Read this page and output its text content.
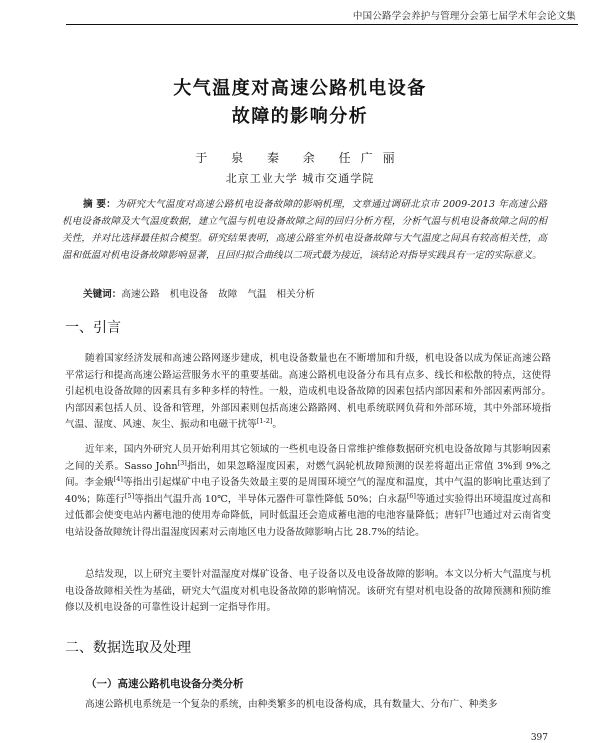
中国公路学会养护与管理分会第七届学术年会论文集
大气温度对高速公路机电设备
故障的影响分析
于 泉 秦 余 任广丽
北京工业大学 城市交通学院
摘 要：为研究大气温度对高速公路机电设备故障的影响机理，文章通过调研北京市 2009-2013 年高速公路机电设备故障及大气温度数据，建立气温与机电设备故障之间的回归分析方程，分析气温与机电设备故障之间的相关性，并对比选择最佳拟合模型。研究结果表明，高速公路室外机电设备故障与大气温度之间具有较高相关性，高温和低温对机电设备故障影响显著，且回归拟合曲线以二项式最为接近，该结论对指导实践具有一定的实际意义。
关键词：高速公路 机电设备 故障 气温 相关分析
一、引言
随着国家经济发展和高速公路网逐步建成，机电设备数量也在不断增加和升级，机电设备以成为保证高速公路平常运行和提高高速公路运营服务水平的重要基础。高速公路机电设备分布具有点多、线长和松散的特点，这使得引起机电设备故障的因素具有多种多样的特性。一般，造成机电设备故障的因素包括内部因素和外部因素两部分。内部因素包括人员、设备和管理，外部因素则包括高速公路路网、机电系统联网负荷和外部环境，其中外部环境指气温、湿度、风速、灰尘、振动和电磁干扰等[1-2]。
近年来，国内外研究人员开始利用其它领域的一些机电设备日常维护维修数据研究机电设备故障与其影响因素之间的关系。Sasso John[3]指出，如果忽略湿度因素，对燃气涡轮机故障预测的误差将超出正常值 3%到 9%之间。李金娥[4]等指出引起煤矿中电子设备失效最主要的是周围环境空气的湿度和温度，其中气温的影响比重达到了 40%；陈莲行[5]等指出气温升高 10℃，半导体元器件可靠性降低 50%；白永磊[6]等通过实验得出环境温度过高和过低都会使变电站内蓄电池的使用寿命降低，同时低温还会造成蓄电池的电池容量降低；唐轩[7]也通过对云南省变电站设备故障统计得出温湿度因素对云南地区电力设备故障影响占比 28.7%的结论。
总结发现，以上研究主要针对温湿度对煤矿设备、电子设备以及电设备故障的影响。本文以分析大气温度与机电设备故障相关性为基础，研究大气温度对机电设备故障的影响情况。该研究有望对机电设备的故障预测和预防维修以及机电设备的可靠性设计起到一定指导作用。
二、数据选取及处理
（一）高速公路机电设备分类分析
高速公路机电系统是一个复杂的系统，由种类繁多的机电设备构成，具有数量大、分布广、种类多
397
